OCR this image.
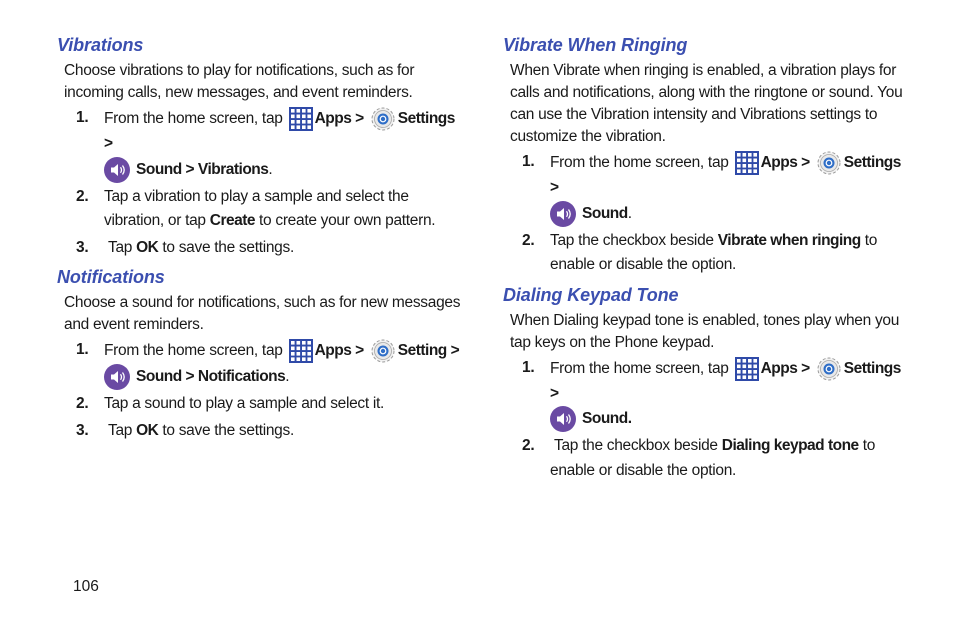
Vibrations

Choose vibrations to play for notifications, such as for incoming calls, new messages, and event reminders.

1. From the home screen, tap Apps > Settings >
Sound > Vibrations.
2. Tap a vibration to play a sample and select the vibration, or tap Create to create your own pattern.
3. Tap OK to save the settings.
Notifications

Choose a sound for notifications, such as for new messages and event reminders.

1. From the home screen, tap Apps > Setting >
Sound > Notifications.
2. Tap a sound to play a sample and select it.
3. Tap OK to save the settings.
Vibrate When Ringing

When Vibrate when ringing is enabled, a vibration plays for calls and notifications, along with the ringtone or sound. You can use the Vibration intensity and Vibrations settings to customize the vibration.

1. From the home screen, tap Apps > Settings >
Sound.
2. Tap the checkbox beside Vibrate when ringing to enable or disable the option.
Dialing Keypad Tone

When Dialing keypad tone is enabled, tones play when you tap keys on the Phone keypad.

1. From the home screen, tap Apps > Settings >
Sound.
2. Tap the checkbox beside Dialing keypad tone to enable or disable the option.
106
